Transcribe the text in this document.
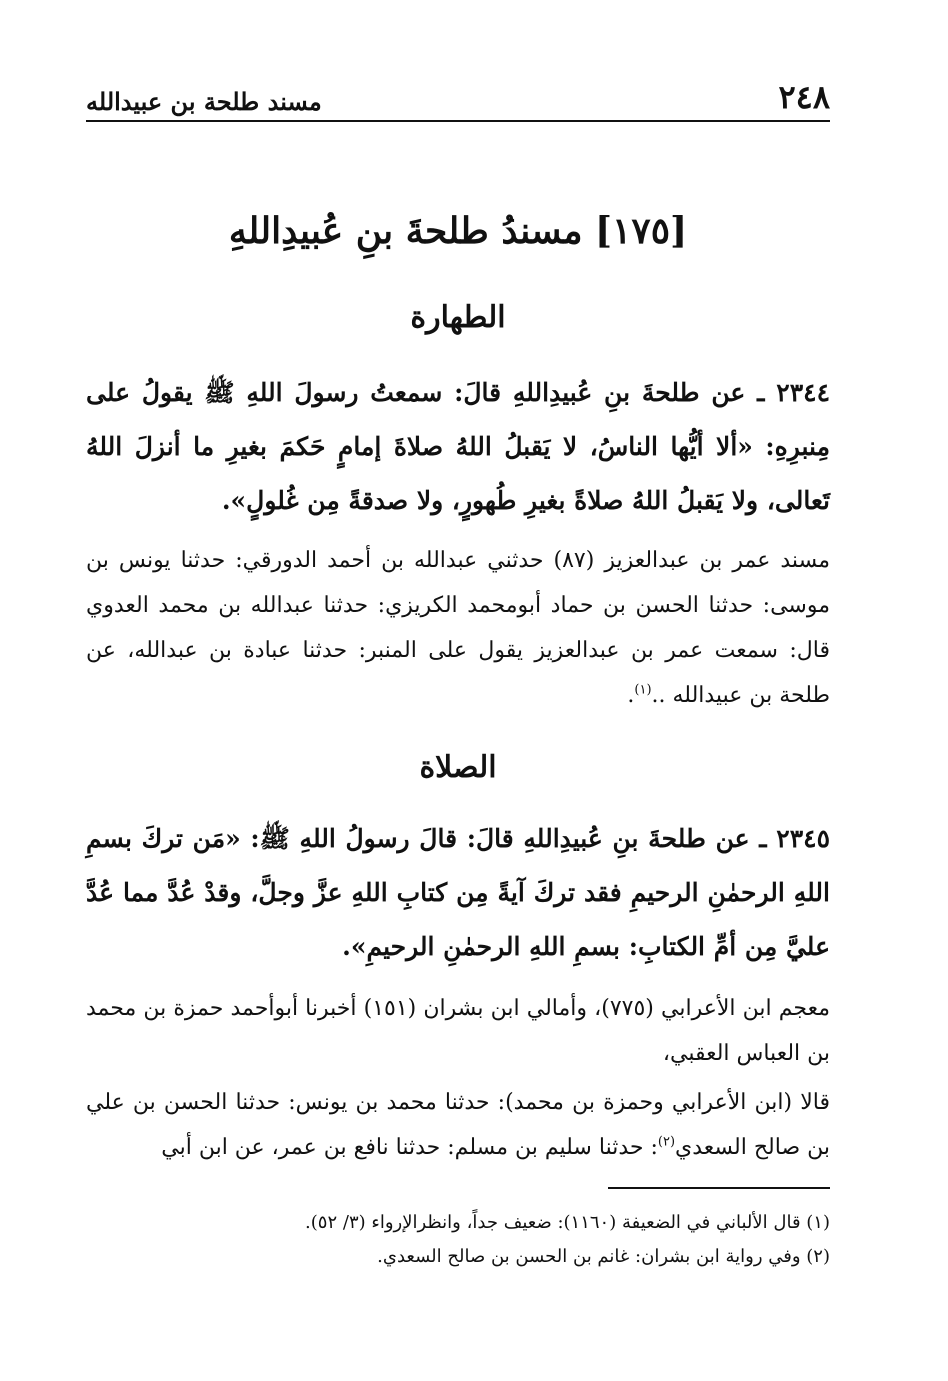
٢٤٨
مسند طلحة بن عبيدالله
[١٧٥] مسندُ طلحةَ بنِ عُبيدِاللهِ
الطهارة

٢٣٤٤ ـ عن طلحةَ بنِ عُبيدِاللهِ قالَ: سمعتُ رسولَ اللهِ ﷺ يقولُ على مِنبرِهِ: «ألا أيُّها الناسُ، لا يَقبلُ اللهُ صلاةَ إمامٍ حَكمَ بغيرِ ما أنزلَ اللهُ تَعالى، ولا يَقبلُ اللهُ صلاةً بغيرِ طُهورٍ، ولا صدقةً مِن غُلولٍ».

مسند عمر بن عبدالعزيز (٨٧) حدثني عبدالله بن أحمد الدورقي: حدثنا يونس بن موسى: حدثنا الحسن بن حماد أبومحمد الكريزي: حدثنا عبدالله بن محمد العدوي قال: سمعت عمر بن عبدالعزيز يقول على المنبر: حدثنا عبادة بن عبدالله، عن طلحة بن عبيدالله ..$^{(١)}$.

الصلاة

٢٣٤٥ ـ عن طلحةَ بنِ عُبيدِاللهِ قالَ: قالَ رسولُ اللهِ ﷺ: «مَن تركَ بسمِ اللهِ الرحمٰنِ الرحيمِ فقد تركَ آيةً مِن كتابِ اللهِ عزَّ وجلَّ، وقدْ عُدَّ مما عُدَّ عليَّ مِن أمِّ الكتابِ: بسمِ اللهِ الرحمٰنِ الرحيمِ».

معجم ابن الأعرابي (٧٧٥)، وأمالي ابن بشران (١٥١) أخبرنا أبوأحمد حمزة بن محمد بن العباس العقبي،

قالا (ابن الأعرابي وحمزة بن محمد): حدثنا محمد بن يونس: حدثنا الحسن بن علي بن صالح السعدي$^{(٢)}$: حدثنا سليم بن مسلم: حدثنا نافع بن عمر، عن ابن أبي

(١) قال الألباني في الضعيفة (١١٦٠): ضعيف جداً، وانظرالإرواء (٣/ ٥٢).
(٢) وفي رواية ابن بشران: غانم بن الحسن بن صالح السعدي.
